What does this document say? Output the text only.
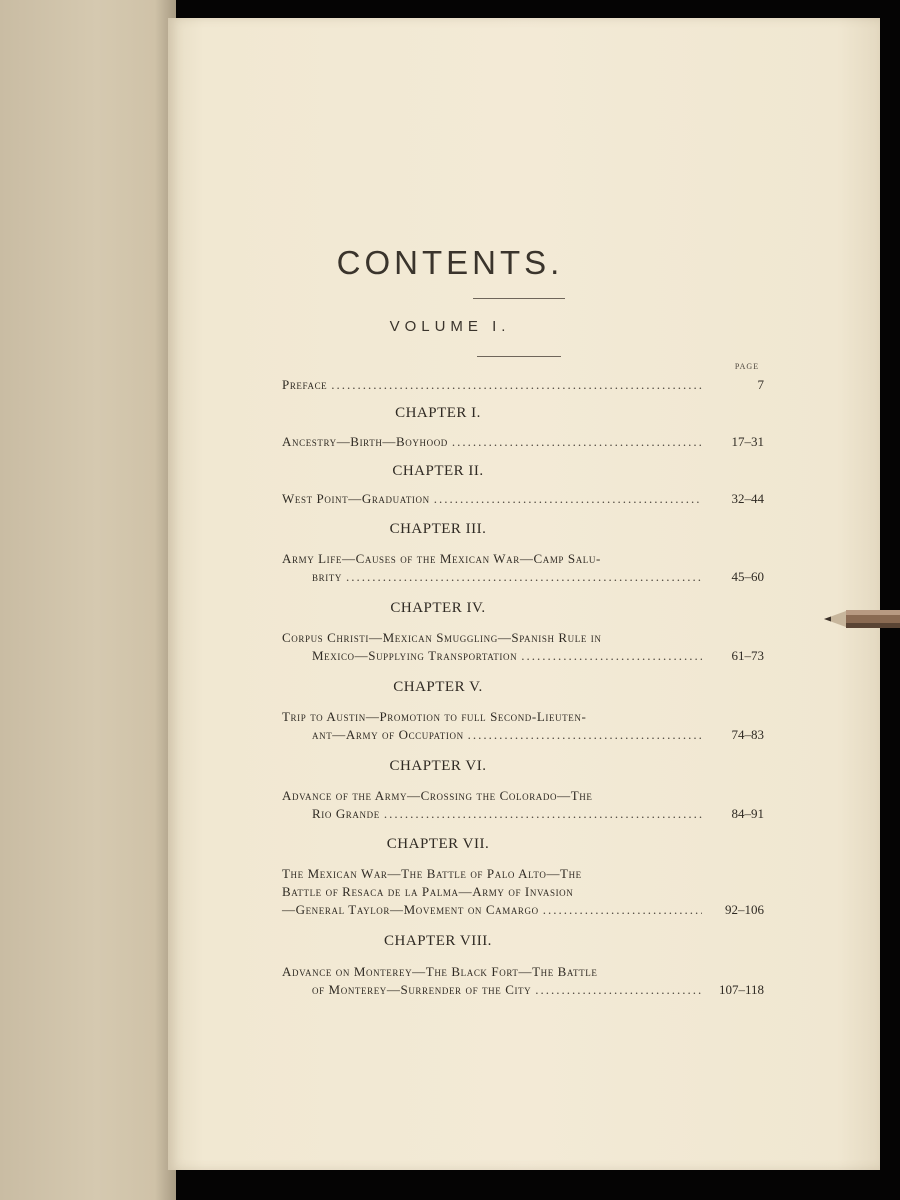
CONTENTS.
VOLUME I.
PAGE
Preface .....	7
CHAPTER I.
Ancestry—Birth—Boyhood .....	17–31
CHAPTER II.
West Point—Graduation .....	32–44
CHAPTER III.
Army Life—Causes of the Mexican War—Camp Salu-
brity .....	45–60
CHAPTER IV.
Corpus Christi—Mexican Smuggling—Spanish Rule in
Mexico—Supplying Transportation .....	61–73
CHAPTER V.
Trip to Austin—Promotion to full Second-Lieuten-
ant—Army of Occupation .....	74–83
CHAPTER VI.
Advance of the Army—Crossing the Colorado—The
Rio Grande .....	84–91
CHAPTER VII.
The Mexican War—The Battle of Palo Alto—The
Battle of Resaca de la Palma—Army of Invasion
—General Taylor—Movement on Camargo .....	92–106
CHAPTER VIII.
Advance on Monterey—The Black Fort—The Battle
of Monterey—Surrender of the City .....	107–118
